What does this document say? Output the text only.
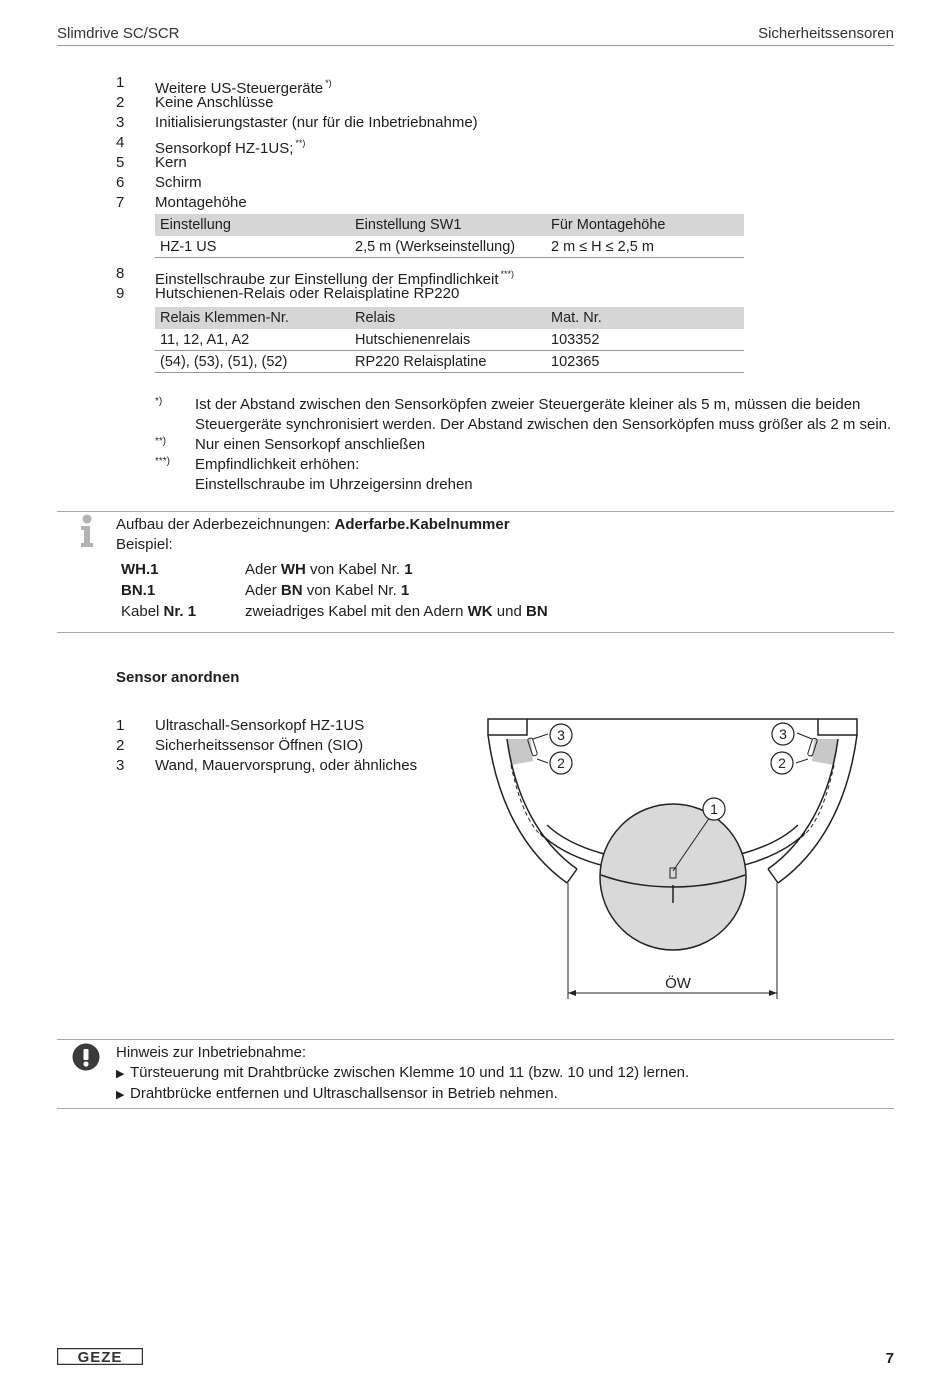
Slimdrive SC/SCR	Sicherheitssensoren
1	Weitere US-Steuergeräte *)
2	Keine Anschlüsse
3	Initialisierungstaster (nur für die Inbetriebnahme)
4	Sensorkopf HZ-1US; **)
5	Kern
6	Schirm
7	Montagehöhe
Einstellung	Einstellung SW1	Für Montagehöhe
HZ-1 US	2,5 m (Werkseinstellung)	2 m ≤ H ≤ 2,5 m
8	Einstellschraube zur Einstellung der Empfindlichkeit ***)
9	Hutschienen-Relais oder Relaisplatine RP220
Relais Klemmen-Nr.	Relais	Mat. Nr.
11, 12, A1, A2	Hutschienenrelais	103352
(54), (53), (51), (52)	RP220 Relaisplatine	102365
*)	Ist der Abstand zwischen den Sensorköpfen zweier Steuergeräte kleiner als 5 m, müssen die beiden
Steuergeräte synchronisiert werden. Der Abstand zwischen den Sensorköpfen muss größer als 2 m sein.
**)	Nur einen Sensorkopf anschließen
***)	Empfindlichkeit erhöhen:
Einstellschraube im Uhrzeigersinn drehen
Aufbau der Aderbezeichnungen: Aderfarbe.Kabelnummer
Beispiel:
WH.1	Ader WH von Kabel Nr. 1
BN.1	Ader BN von Kabel Nr. 1
Kabel Nr. 1	zweiadriges Kabel mit den Adern WK und BN
Sensor anordnen
1	Ultraschall-Sensorkopf HZ-1US
2	Sicherheitssensor Öffnen (SIO)
3	Wand, Mauervorsprung, oder ähnliches
3
2
3
2
1
ÖW
Hinweis zur Inbetriebnahme:
▶ Türsteuerung mit Drahtbrücke zwischen Klemme 10 und 11 (bzw. 10 und 12) lernen.
▶ Drahtbrücke entfernen und Ultraschallsensor in Betrieb nehmen.
GEZE	7
